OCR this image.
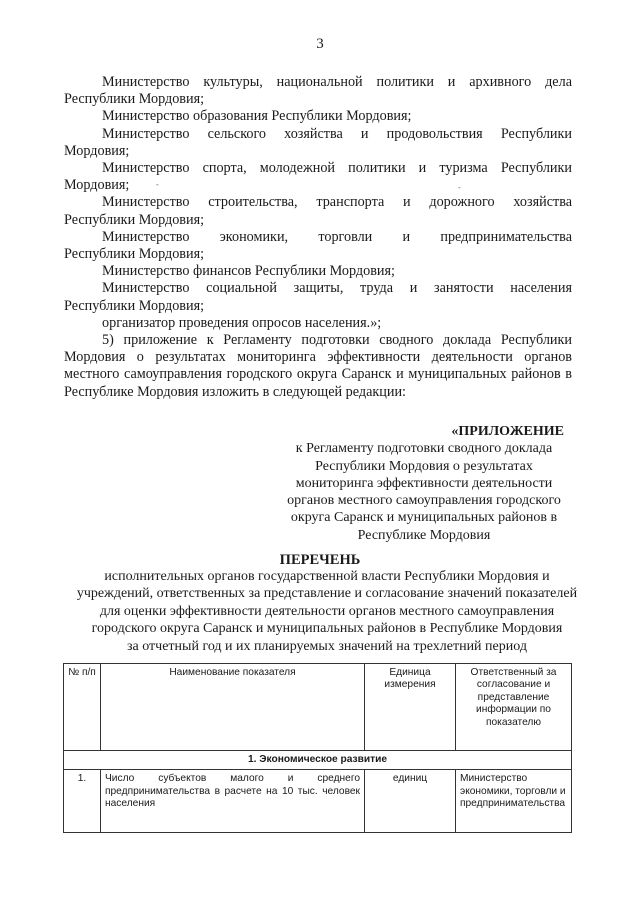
3

Министерство культуры, национальной политики и архивного дела

Республики Мордовия;

Министерство образования Республики Мордовия;

Министерство сельского хозяйства и продовольствия Республики

Мордовия;

Министерство спорта, молодежной политики и туризма Республики

Мордовия;

Министерство строительства, транспорта и дорожного хозяйства

Республики Мордовия;

Министерство экономики, торговли и предпринимательства

Республики Мордовия;

Министерство финансов Республики Мордовия;

Министерство социальной защиты, труда и занятости населения

Республики Мордовия;

организатор проведения опросов населения.»;

5) приложение к Регламенту подготовки сводного доклада Республики Мордовия о результатах мониторинга эффективности деятельности органов местного самоуправления городского округа Саранск и муниципальных районов в Республике Мордовия изложить в следующей редакции:

«ПРИЛОЖЕНИЕ
к Регламенту подготовки сводного доклада
Республики Мордовия о результатах
мониторинга эффективности деятельности
органов местного самоуправления городского
округа Саранск и муниципальных районов в
Республике Мордовия
ПЕРЕЧЕНЬ
исполнительных органов государственной власти Республики Мордовия и
учреждений, ответственных за представление и согласование значений показателей
для оценки эффективности деятельности органов местного самоуправления
городского округа Саранск и муниципальных районов в Республике Мордовия
за отчетный год и их планируемых значений на трехлетний период
№ п/п	Наименование показателя	Единица измерения	Ответственный за согласование и представление информации по показателю
1. Экономическое развитие			
1.	Число субъектов малого и среднего предпринимательства в расчете на 10 тыс. человек населения	единиц	Министерство экономики, торговли и предпринимательства
ˆ	‑
